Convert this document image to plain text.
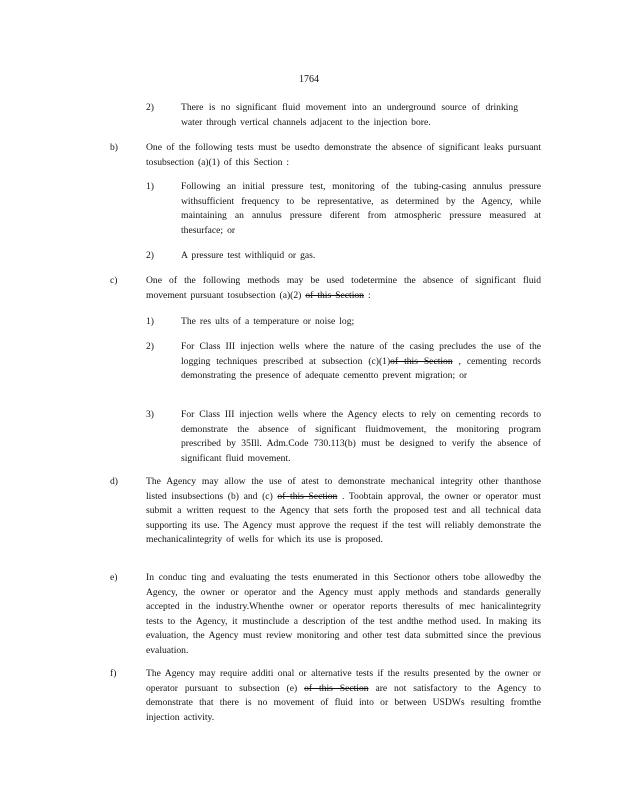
1764
2)	There is no significant fluid movement into an underground source of drinking water through vertical channels adjacent to the injection bore.
b)	One of the following tests must be usedto demonstrate the absence of significant leaks pursuant tosubsection (a)(1) of this Section :
1)	Following an initial pressure test, monitoring of the tubing-casing annulus pressure withsufficient frequency to be representative, as determined by the Agency, while maintaining an annulus pressure diferent from atmospheric pressure measured at thesurface; or
2)	A pressure test withliquid or gas.
c)	One of the following methods may be used todetermine the absence of significant fluid movement pursuant tosubsection (a)(2) of this Section :
1)	The res ults of a temperature or noise log;
2)	For Class III injection wells where the nature of the casing precludes the use of the logging techniques prescribed at subsection (c)(1)of this Section , cementing records demonstrating the presence of adequate cementto prevent migration; or
3)	For Class III injection wells where the Agency elects to rely on cementing records to demonstrate the absence of significant fluidmovement, the monitoring program prescribed by 35Ill. Adm.Code 730.113(b) must be designed to verify the absence of significant fluid movement.
d)	The Agency may allow the use of atest to demonstrate mechanical integrity other thanthose listed insubsections (b) and (c) of this Section . Toobtain approval, the owner or operator must submit a written request to the Agency that sets forth the proposed test and all technical data supporting its use. The Agency must approve the request if the test will reliably demonstrate the mechanicalintegrity of wells for which its use is proposed.
e)	In conduc ting and evaluating the tests enumerated in this Sectionor others tobe allowedby the Agency, the owner or operator and the Agency must apply methods and standards generally accepted in the industry.Whenthe owner or operator reports theresults of mec hanicalintegrity tests to the Agency, it mustinclude a description of the test andthe method used. In making its evaluation, the Agency must review monitoring and other test data submitted since the previous evaluation.
f)	The Agency may require additi onal or alternative tests if the results presented by the owner or operator pursuant to subsection (e) of this Section are not satisfactory to the Agency to demonstrate that there is no movement of fluid into or between USDWs resulting fromthe injection activity.
